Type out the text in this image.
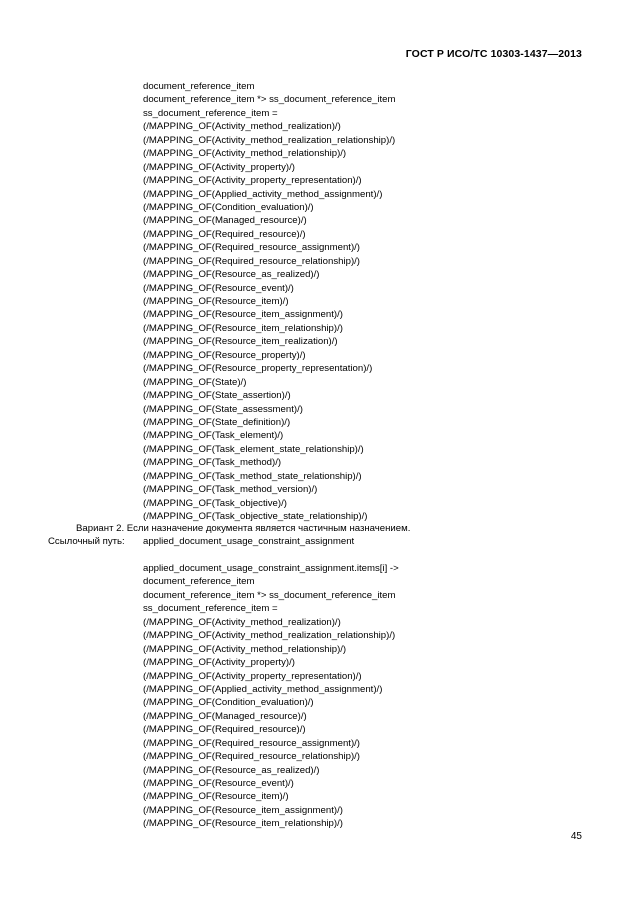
ГОСТ Р ИСО/ТС 10303-1437—2013
document_reference_item
document_reference_item *> ss_document_reference_item
ss_document_reference_item =
(/MAPPING_OF(Activity_method_realization)/)
(/MAPPING_OF(Activity_method_realization_relationship)/)
(/MAPPING_OF(Activity_method_relationship)/)
(/MAPPING_OF(Activity_property)/)
(/MAPPING_OF(Activity_property_representation)/)
(/MAPPING_OF(Applied_activity_method_assignment)/)
(/MAPPING_OF(Condition_evaluation)/)
(/MAPPING_OF(Managed_resource)/)
(/MAPPING_OF(Required_resource)/)
(/MAPPING_OF(Required_resource_assignment)/)
(/MAPPING_OF(Required_resource_relationship)/)
(/MAPPING_OF(Resource_as_realized)/)
(/MAPPING_OF(Resource_event)/)
(/MAPPING_OF(Resource_item)/)
(/MAPPING_OF(Resource_item_assignment)/)
(/MAPPING_OF(Resource_item_relationship)/)
(/MAPPING_OF(Resource_item_realization)/)
(/MAPPING_OF(Resource_property)/)
(/MAPPING_OF(Resource_property_representation)/)
(/MAPPING_OF(State)/)
(/MAPPING_OF(State_assertion)/)
(/MAPPING_OF(State_assessment)/)
(/MAPPING_OF(State_definition)/)
(/MAPPING_OF(Task_element)/)
(/MAPPING_OF(Task_element_state_relationship)/)
(/MAPPING_OF(Task_method)/)
(/MAPPING_OF(Task_method_state_relationship)/)
(/MAPPING_OF(Task_method_version)/)
(/MAPPING_OF(Task_objective)/)
(/MAPPING_OF(Task_objective_state_relationship)/)
Вариант 2. Если назначение документа является частичным назначением.
Ссылочный путь: applied_document_usage_constraint_assignment
applied_document_usage_constraint_assignment.items[i] ->
document_reference_item
document_reference_item *> ss_document_reference_item
ss_document_reference_item =
(/MAPPING_OF(Activity_method_realization)/)
(/MAPPING_OF(Activity_method_realization_relationship)/)
(/MAPPING_OF(Activity_method_relationship)/)
(/MAPPING_OF(Activity_property)/)
(/MAPPING_OF(Activity_property_representation)/)
(/MAPPING_OF(Applied_activity_method_assignment)/)
(/MAPPING_OF(Condition_evaluation)/)
(/MAPPING_OF(Managed_resource)/)
(/MAPPING_OF(Required_resource)/)
(/MAPPING_OF(Required_resource_assignment)/)
(/MAPPING_OF(Required_resource_relationship)/)
(/MAPPING_OF(Resource_as_realized)/)
(/MAPPING_OF(Resource_event)/)
(/MAPPING_OF(Resource_item)/)
(/MAPPING_OF(Resource_item_assignment)/)
(/MAPPING_OF(Resource_item_relationship)/)
45
